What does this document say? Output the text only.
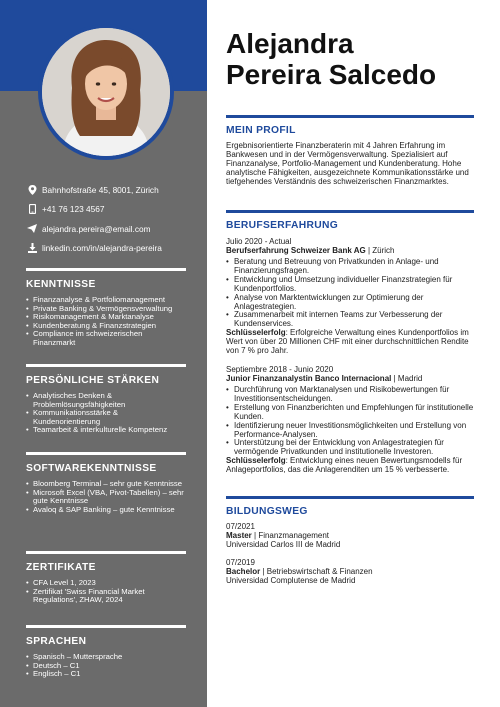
Bahnhofstraße 45, 8001, Zürich
+41 76 123 4567
alejandra.pereira@email.com
linkedin.com/in/alejandra-pereira
KENNTNISSE
• Finanzanalyse & Portfoliomanagement
• Private Banking & Vermögensverwaltung
• Risikomanagement & Marktanalyse
• Kundenberatung & Finanzstrategien
• Compliance im schweizerischen Finanzmarkt
PERSÖNLICHE STÄRKEN
• Analytisches Denken & Problemlösungsfähigkeiten
• Kommunikationsstärke & Kundenorientierung
• Teamarbeit & interkulturelle Kompetenz
SOFTWAREKENNTNISSE
• Bloomberg Terminal – sehr gute Kenntnisse
• Microsoft Excel (VBA, Pivot-Tabellen) – sehr gute Kenntnisse
• Avaloq & SAP Banking – gute Kenntnisse
ZERTIFIKATE
• CFA Level 1, 2023
• Zertifikat 'Swiss Financial Market Regulations', ZHAW, 2024
SPRACHEN
• Spanisch – Muttersprache
• Deutsch – C1
• Englisch – C1
Alejandra
Pereira Salcedo
MEIN PROFIL
Ergebnisorientierte Finanzberaterin mit 4 Jahren Erfahrung im Bankwesen und in der Vermögensverwaltung. Spezialisiert auf Finanzanalyse, Portfolio-Management und Kundenberatung. Hohe analytische Fähigkeiten, ausgezeichnete Kommunikationsstärke und tiefgehendes Verständnis des schweizerischen Finanzmarktes.
BERUFSERFAHRUNG
Julio 2020 - Actual
Berufserfahrung Schweizer Bank AG | Zürich
• Beratung und Betreuung von Privatkunden in Anlage- und Finanzierungsfragen.
• Entwicklung und Umsetzung individueller Finanzstrategien für Kundenportfolios.
• Analyse von Marktentwicklungen zur Optimierung der Anlagestrategien.
• Zusammenarbeit mit internen Teams zur Verbesserung der Kundenservices.
Schlüsselerfolg: Erfolgreiche Verwaltung eines Kundenportfolios im Wert von über 20 Millionen CHF mit einer durchschnittlichen Rendite von 7 % pro Jahr.
Septiembre 2018 - Junio 2020
Junior Finanzanalystin Banco Internacional | Madrid
• Durchführung von Marktanalysen und Risikobewertungen für Investitionsentscheidungen.
• Erstellung von Finanzberichten und Empfehlungen für institutionelle Kunden.
• Identifizierung neuer Investitionsmöglichkeiten und Erstellung von Performance-Analysen.
• Unterstützung bei der Entwicklung von Anlagestrategien für vermögende Privatkunden und institutionelle Investoren.
Schlüsselerfolg: Entwicklung eines neuen Bewertungsmodells für Anlageportfolios, das die Anlagerenditen um 15 % verbesserte.
BILDUNGSWEG
07/2021
Master | Finanzmanagement
Universidad Carlos III de Madrid
07/2019
Bachelor | Betriebswirtschaft & Finanzen
Universidad Complutense de Madrid
